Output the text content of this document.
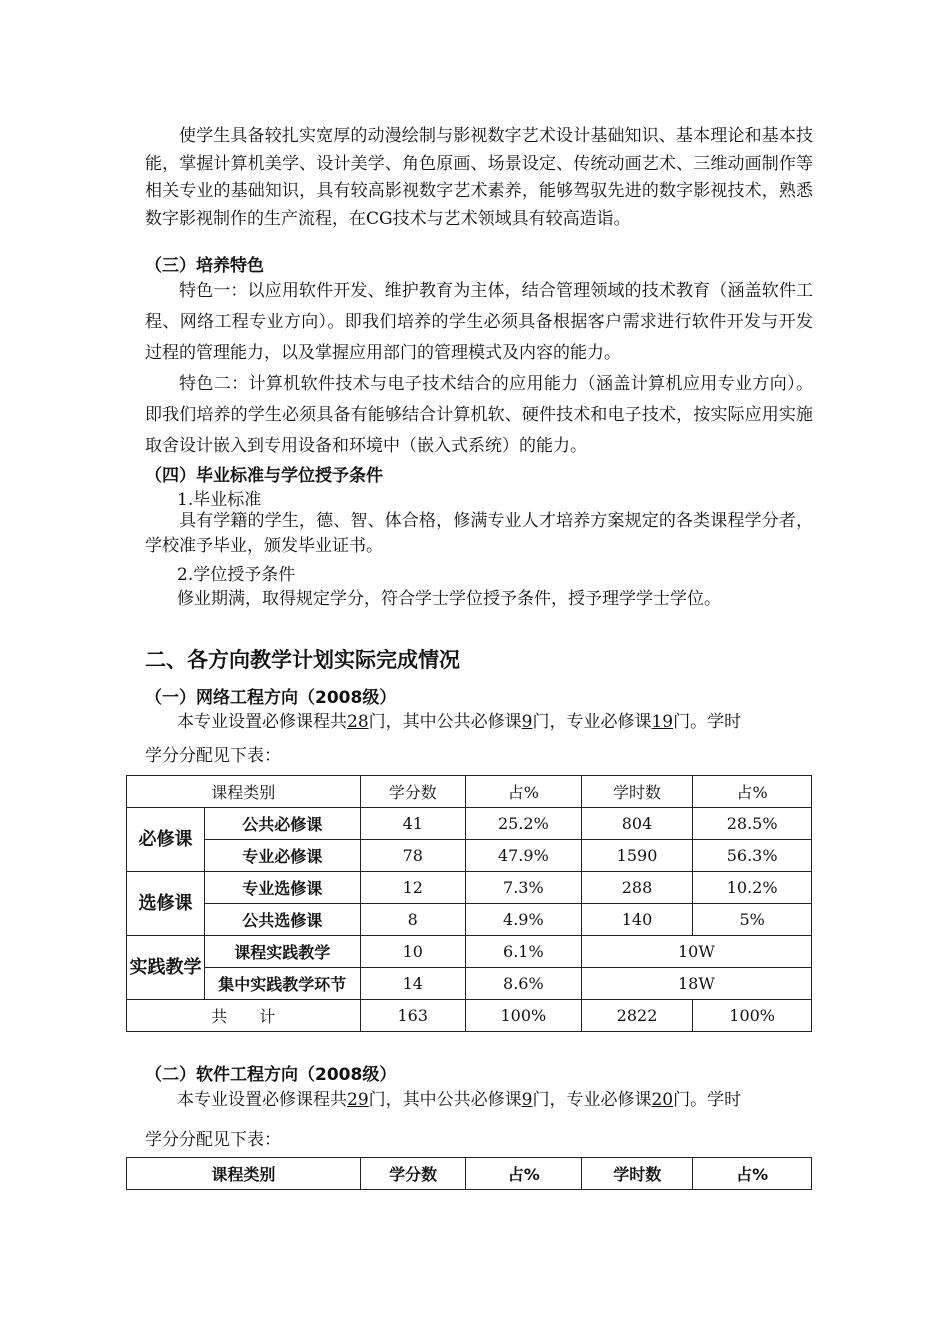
使学生具备较扎实宽厚的动漫绘制与影视数字艺术设计基础知识、基本理论和基本技能，掌握计算机美学、设计美学、角色原画、场景设定、传统动画艺术、三维动画制作等相关专业的基础知识，具有较高影视数字艺术素养，能够驾驭先进的数字影视技术，熟悉数字影视制作的生产流程，在CG技术与艺术领域具有较高造诣。

（三）培养特色

特色一：以应用软件开发、维护教育为主体，结合管理领域的技术教育（涵盖软件工程、网络工程专业方向）。即我们培养的学生必须具备根据客户需求进行软件开发与开发过程的管理能力，以及掌握应用部门的管理模式及内容的能力。

特色二：计算机软件技术与电子技术结合的应用能力（涵盖计算机应用专业方向）。即我们培养的学生必须具备有能够结合计算机软、硬件技术和电子技术，按实际应用实施取舍设计嵌入到专用设备和环境中（嵌入式系统）的能力。

（四）毕业标准与学位授予条件
1.毕业标准

具有学籍的学生，德、智、体合格，修满专业人才培养方案规定的各类课程学分者，学校准予毕业，颁发毕业证书。

2.学位授予条件
修业期满，取得规定学分，符合学士学位授予条件，授予理学学士学位。
二、各方向教学计划实际完成情况
（一）网络工程方向（2008级）
本专业设置必修课程共28门，其中公共必修课9门，专业必修课19门。学时
学分分配见下表：
课程类别		学分数	占%	学时数	占%
必修课	公共必修课	41	25.2%	804	28.5%
	专业必修课	78	47.9%	1590	56.3%
选修课	专业选修课	12	7.3%	288	10.2%
	公共选修课	8	4.9%	140	5%
实践教学	课程实践教学	10	6.1%	10W	
	集中实践教学环节	14	8.6%	18W	
共　　计		163	100%	2822	100%
（二）软件工程方向（2008级）
本专业设置必修课程共29门，其中公共必修课9门，专业必修课20门。学时
学分分配见下表：
课程类别	学分数	占%	学时数	占%
